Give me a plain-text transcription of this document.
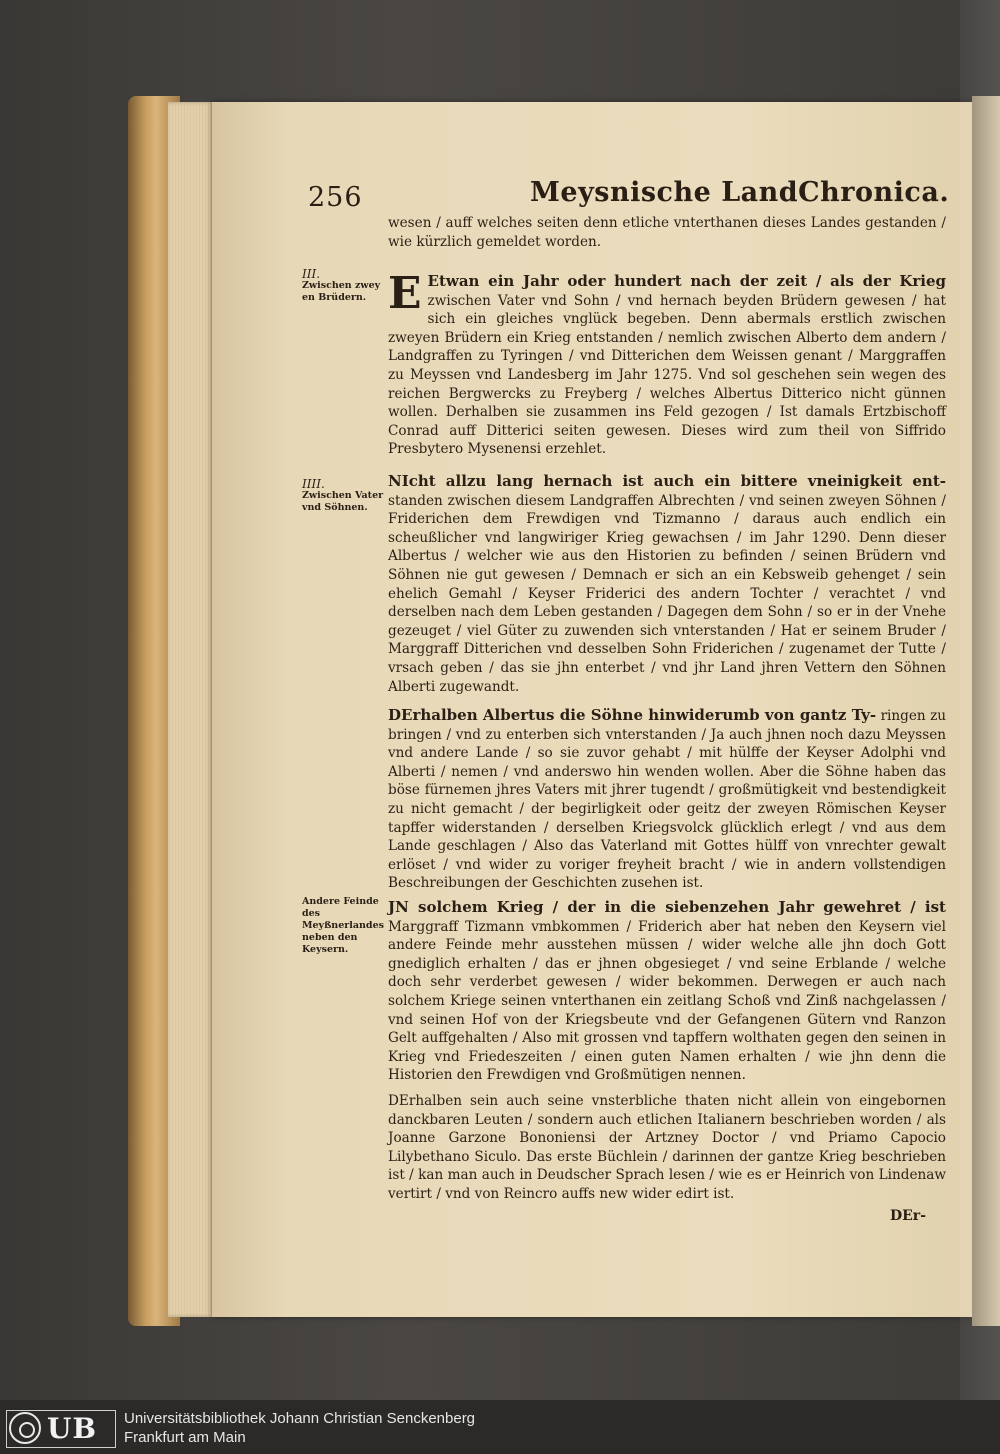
256	Meysnische LandChronica.

wesen / auff welches seiten denn etliche vnterthanen dieses Landes gestanden / wie kürzlich gemeldet worden.

III.
Zwischen zwey en Brüdern. E Etwan ein Jahr oder hundert nach der zeit / als der Krieg zwischen Vater vnd Sohn / vnd hernach beyden Brüdern gewesen / hat sich ein gleiches vnglück begeben. Denn abermals erstlich zwischen zweyen Brüdern ein Krieg entstanden / nemlich zwischen Alberto dem andern / Landgraffen zu Tyringen / vnd Ditterichen dem Weissen genant / Marggraffen zu Meyssen vnd Landesberg im Jahr 1275. Vnd sol geschehen sein wegen des reichen Bergwercks zu Freyberg / welches Albertus Ditterico nicht günnen wollen. Derhalben sie zusammen ins Feld gezogen / Ist damals Ertzbischoff Conrad auff Ditterici seiten gewesen. Dieses wird zum theil von Siffrido Presbytero Mysenensi erzehlet.
IIII.
Zwischen Vater vnd Söhnen.
NIcht allzu lang hernach ist auch ein bittere vneinigkeit ent- standen zwischen diesem Landgraffen Albrechten / vnd seinen zweyen Söhnen / Friderichen dem Frewdigen vnd Tizmanno / daraus auch endlich ein scheußlicher vnd langwiriger Krieg gewachsen / im Jahr 1290. Denn dieser Albertus / welcher wie aus den Historien zu befinden / seinen Brüdern vnd Söhnen nie gut gewesen / Demnach er sich an ein Kebsweib gehenget / sein ehelich Gemahl / Keyser Friderici des andern Tochter / verachtet / vnd derselben nach dem Leben gestanden / Dagegen dem Sohn / so er in der Vnehe gezeuget / viel Güter zu zuwenden sich vnterstanden / Hat er seinem Bruder / Marggraff Ditterichen vnd desselben Sohn Friderichen / zugenamet der Tutte / vrsach geben / das sie jhn enterbet / vnd jhr Land jhren Vettern den Söhnen Alberti zugewandt.
DErhalben Albertus die Söhne hinwiderumb von gantz Ty- ringen zu bringen / vnd zu enterben sich vnterstanden / Ja auch jhnen noch dazu Meyssen vnd andere Lande / so sie zuvor gehabt / mit hülffe der Keyser Adolphi vnd Alberti / nemen / vnd anderswo hin wenden wollen. Aber die Söhne haben das böse fürnemen jhres Vaters mit jhrer tugendt / großmütigkeit vnd bestendigkeit zu nicht gemacht / der begirligkeit oder geitz der zweyen Römischen Keyser tapffer widerstanden / derselben Kriegsvolck glücklich erlegt / vnd aus dem Lande geschlagen / Also das Vaterland mit Gottes hülff von vnrechter gewalt erlöset / vnd wider zu voriger freyheit bracht / wie in andern vollstendigen Beschreibungen der Geschichten zusehen ist.
Andere Feinde des Meyßnerlandes neben den Keysern.
JN solchem Krieg / der in die siebenzehen Jahr gewehret / ist Marggraff Tizmann vmbkommen / Friderich aber hat neben den Keysern viel andere Feinde mehr ausstehen müssen / wider welche alle jhn doch Gott gnediglich erhalten / das er jhnen obgesieget / vnd seine Erblande / welche doch sehr verderbet gewesen / wider bekommen. Derwegen er auch nach solchem Kriege seinen vnterthanen ein zeitlang Schoß vnd Zinß nachgelassen / vnd seinen Hof von der Kriegsbeute vnd der Gefangenen Gütern vnd Ranzon Gelt auffgehalten / Also mit grossen vnd tapffern wolthaten gegen den seinen in Krieg vnd Friedeszeiten / einen guten Namen erhalten / wie jhn denn die Historien den Frewdigen vnd Großmütigen nennen.
DErhalben sein auch seine vnsterbliche thaten nicht allein von eingebornen danckbaren Leuten / sondern auch etlichen Italianern beschrieben worden / als Joanne Garzone Bononiensi der Artzney Doctor / vnd Priamo Capocio Lilybethano Siculo. Das erste Büchlein / darinnen der gantze Krieg beschrieben ist / kan man auch in Deudscher Sprach lesen / wie es er Heinrich von Lindenaw vertirt / vnd von Reincro auffs new wider edirt ist.
DEr-
UB Universitätsbibliothek Johann Christian Senckenberg
Frankfurt am Main
